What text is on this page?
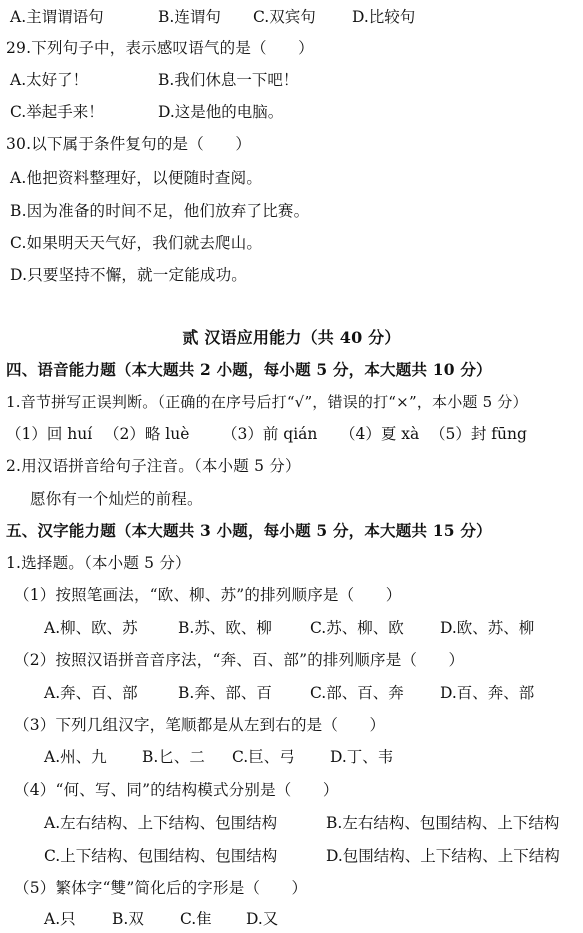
A.主谓谓语句	B.连谓句 C.双宾句 D.比较句
29.下列句子中，表示感叹语气的是（　　）
A.太好了！	B.我们休息一下吧！
C.举起手来！	D.这是他的电脑。
30.以下属于条件复句的是（　　）
A.他把资料整理好，以便随时查阅。
B.因为准备的时间不足，他们放弃了比赛。
C.如果明天天气好，我们就去爬山。
D.只要坚持不懈，就一定能成功。
贰 汉语应用能力（共 40 分）
四、语音能力题（本大题共 2 小题，每小题 5 分，本大题共 10 分）
1.音节拼写正误判断。（正确的在序号后打“√”，错误的打“×”，本小题 5 分）
（1）回 huí （2）略 luè （3）前 qián （4）夏 xà （5）封 fūng
2.用汉语拼音给句子注音。（本小题 5 分）
愿你有一个灿烂的前程。
五、汉字能力题（本大题共 3 小题，每小题 5 分，本大题共 15 分）
1.选择题。（本小题 5 分）
（1）按照笔画法，“欧、柳、苏”的排列顺序是（　　）
A.柳、欧、苏	B.苏、欧、柳 C.苏、柳、欧 D.欧、苏、柳
（2）按照汉语拼音音序法，“奔、百、部”的排列顺序是（　　）
A.奔、百、部	B.奔、部、百 C.部、百、奔 D.百、奔、部
（3）下列几组汉字，笔顺都是从左到右的是（　　）
A.州、九 B.匕、二 C.巨、弓 D.丁、韦
（4）“何、写、同”的结构模式分别是（　　）
A.左右结构、上下结构、包围结构	B.左右结构、包围结构、上下结构
C.上下结构、包围结构、包围结构	D.包围结构、上下结构、上下结构
（5）繁体字“雙”简化后的字形是（　　）
A.只 B.双 C.隹 D.又
